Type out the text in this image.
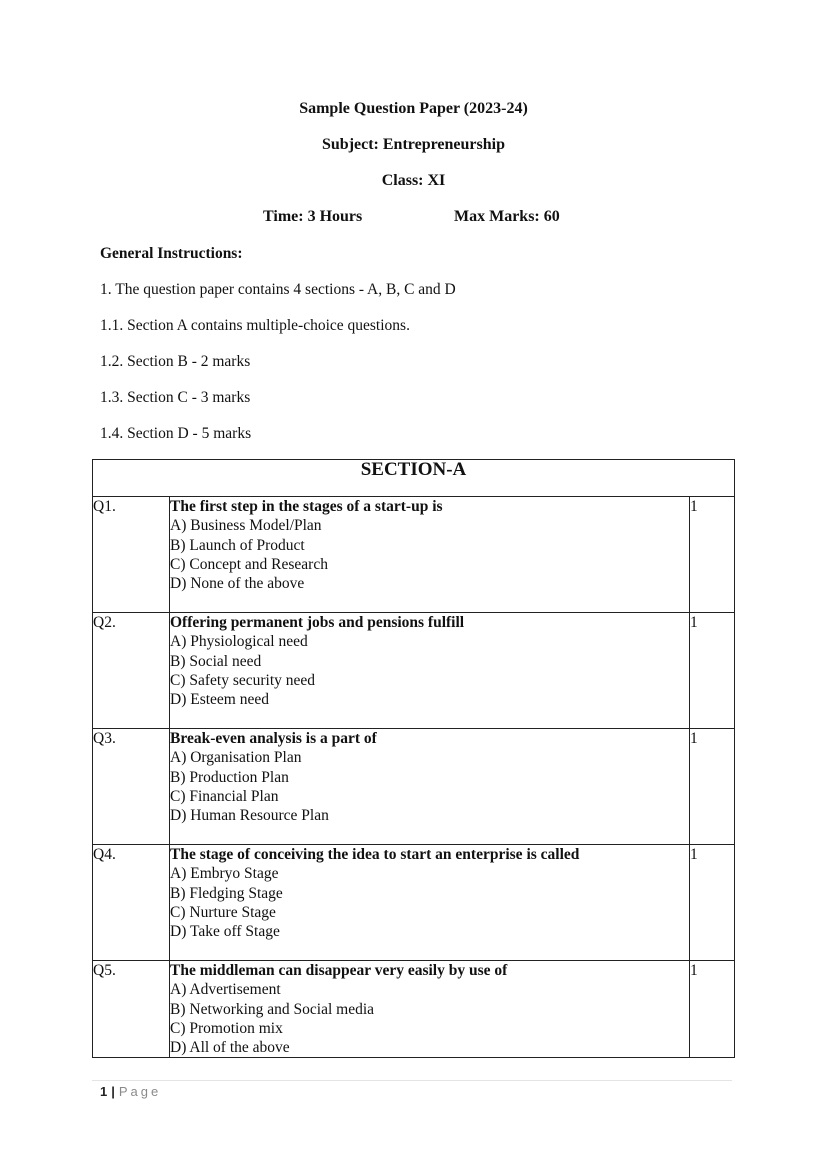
Sample Question Paper (2023-24)
Subject: Entrepreneurship
Class: XI
Time: 3 Hours	Max Marks: 60
General Instructions:
1. The question paper contains 4 sections - A, B, C and D
1.1. Section A contains multiple-choice questions.
1.2. Section B - 2 marks
1.3. Section C - 3 marks
1.4. Section D - 5 marks
SECTION-A		
Q1.	The first step in the stages of a start-up is
A) Business Model/Plan
B) Launch of Product
C) Concept and Research
D) None of the above	1
Q2.	Offering permanent jobs and pensions fulfill
A) Physiological need
B) Social need
C) Safety security need
D) Esteem need	1
Q3.	Break-even analysis is a part of
A) Organisation Plan
B) Production Plan
C) Financial Plan
D) Human Resource Plan	1
Q4.	The stage of conceiving the idea to start an enterprise is called
A) Embryo Stage
B) Fledging Stage
C) Nurture Stage
D) Take off Stage	1
Q5.	The middleman can disappear very easily by use of
A) Advertisement
B) Networking and Social media
C) Promotion mix
D) All of the above	1
1 | Page
